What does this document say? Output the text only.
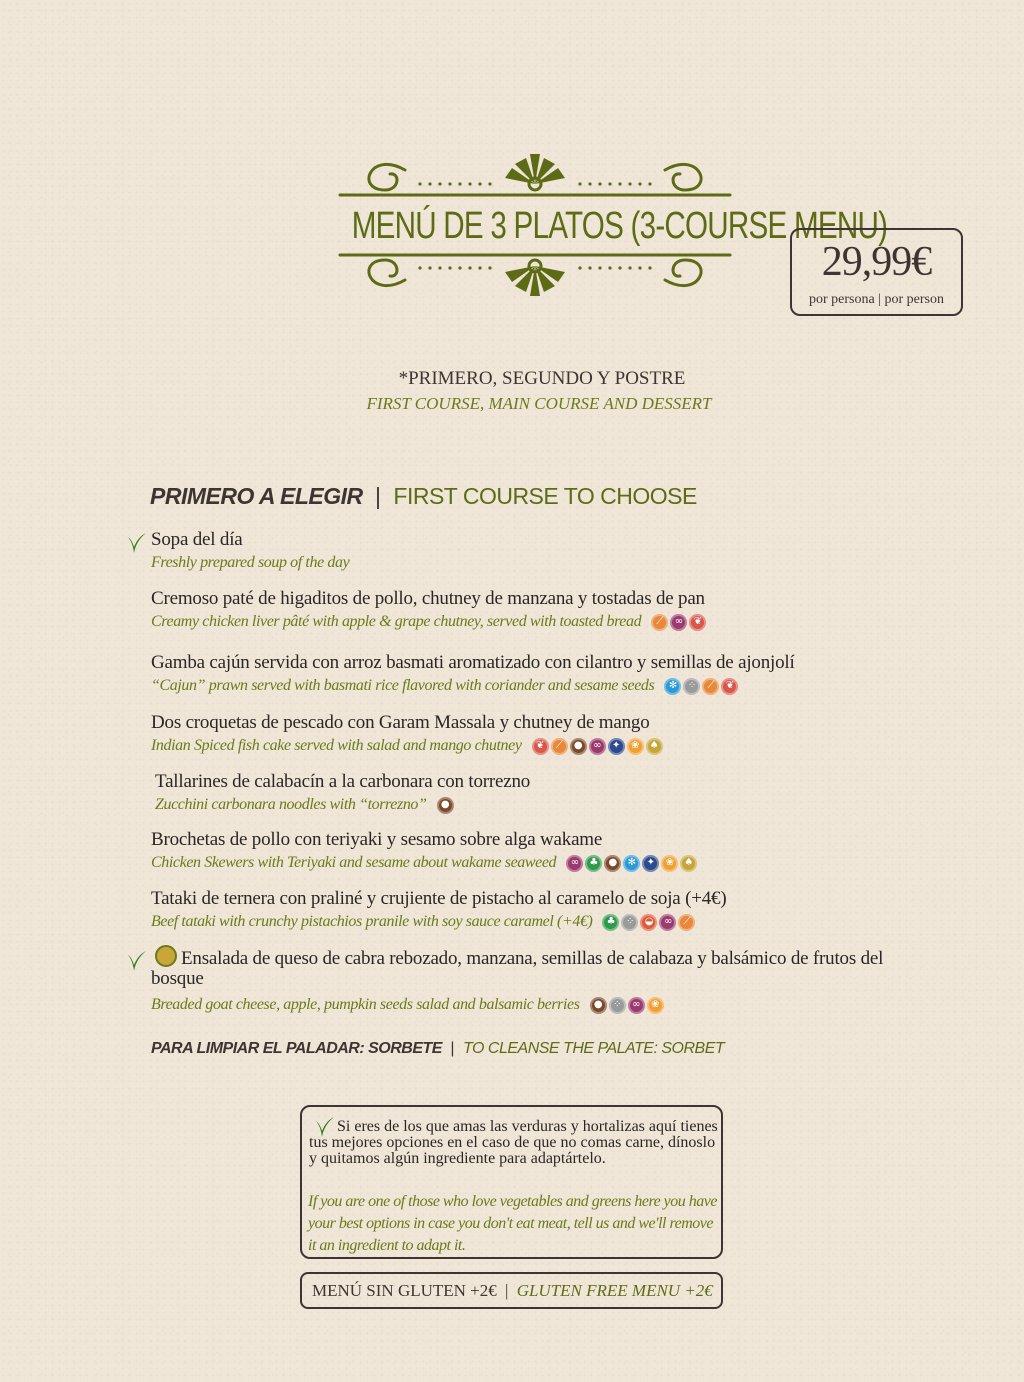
MENÚ DE 3 PLATOS (3-COURSE MENU)
29,99€
por persona | por person
*PRIMERO, SEGUNDO Y POSTRE
FIRST COURSE, MAIN COURSE AND DESSERT
PRIMERO A ELEGIR | FIRST COURSE TO CHOOSE
Sopa del día
Freshly prepared soup of the day
Cremoso paté de higaditos de pollo, chutney de manzana y tostadas de pan
Creamy chicken liver pâté with apple & grape chutney, served with toasted bread	⟋	∞	❦
Gamba cajún servida con arroz basmati aromatizado con cilantro y semillas de ajonjolí
“Cajun” prawn served with basmati rice flavored with coriander and sesame seeds	✻	⁘	⟋	❦
Dos croquetas de pescado con Garam Massala y chutney de mango
Indian Spiced fish cake served with salad and mango chutney	❦	⟋	●	∞	✦	❀	♠
Tallarines de calabacín a la carbonara con torrezno
Zucchini carbonara noodles with “torrezno”	●
Brochetas de pollo con teriyaki y sesamo sobre alga wakame
Chicken Skewers with Teriyaki and sesame about wakame seaweed	∞	♣	●	✻	✦	❀	♠
Tataki de ternera con praliné y crujiente de pistacho al caramelo de soja (+4€)
Beef tataki with crunchy pistachios pranile with soy sauce caramel (+4€)	♣	⁘	◒	∞	⟋
Ensalada de queso de cabra rebozado, manzana, semillas de calabaza y balsámico de frutos del bosque
Breaded goat cheese, apple, pumpkin seeds salad and balsamic berries	●	⁘	∞	❀
PARA LIMPIAR EL PALADAR: SORBETE | TO CLEANSE THE PALATE: SORBET
Si eres de los que amas las verduras y hortalizas aquí tienes tus mejores opciones en el caso de que no comas carne, dínoslo y quitamos algún ingrediente para adaptártelo.
If you are one of those who love vegetables and greens here you have your best options in case you don't eat meat, tell us and we'll remove it an ingredient to adapt it.
MENÚ SIN GLUTEN +2€ | GLUTEN FREE MENU +2€
